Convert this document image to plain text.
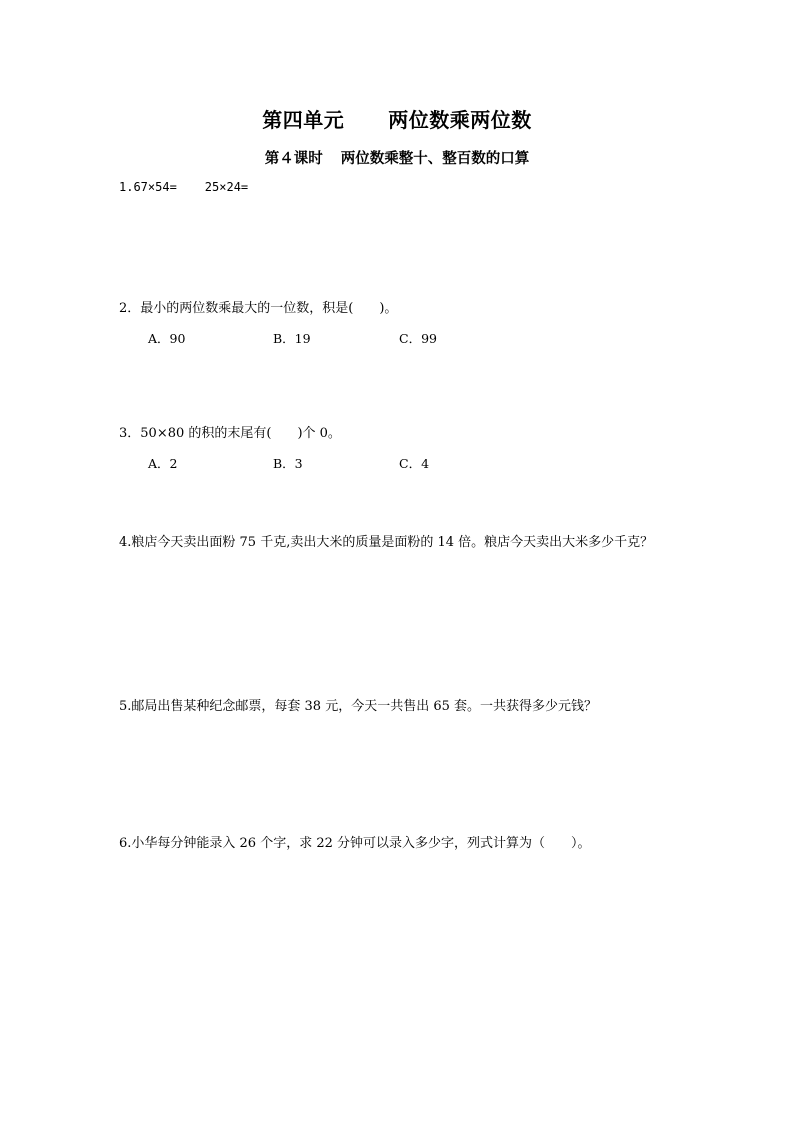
第四单元 两位数乘两位数
第４课时 两位数乘整十、整百数的口算
1.67×54= 25×24=
2．最小的两位数乘最大的一位数，积是( )。
A．90	B．19	C．99
3．50×80 的积的末尾有( )个 0。
A．2	B．3	C．4
4.粮店今天卖出面粉 75 千克,卖出大米的质量是面粉的 14 倍。粮店今天卖出大米多少千克？
5.邮局出售某种纪念邮票，每套 38 元，今天一共售出 65 套。一共获得多少元钱？
6.小华每分钟能录入 26 个字，求 22 分钟可以录入多少字，列式计算为（ ）。
